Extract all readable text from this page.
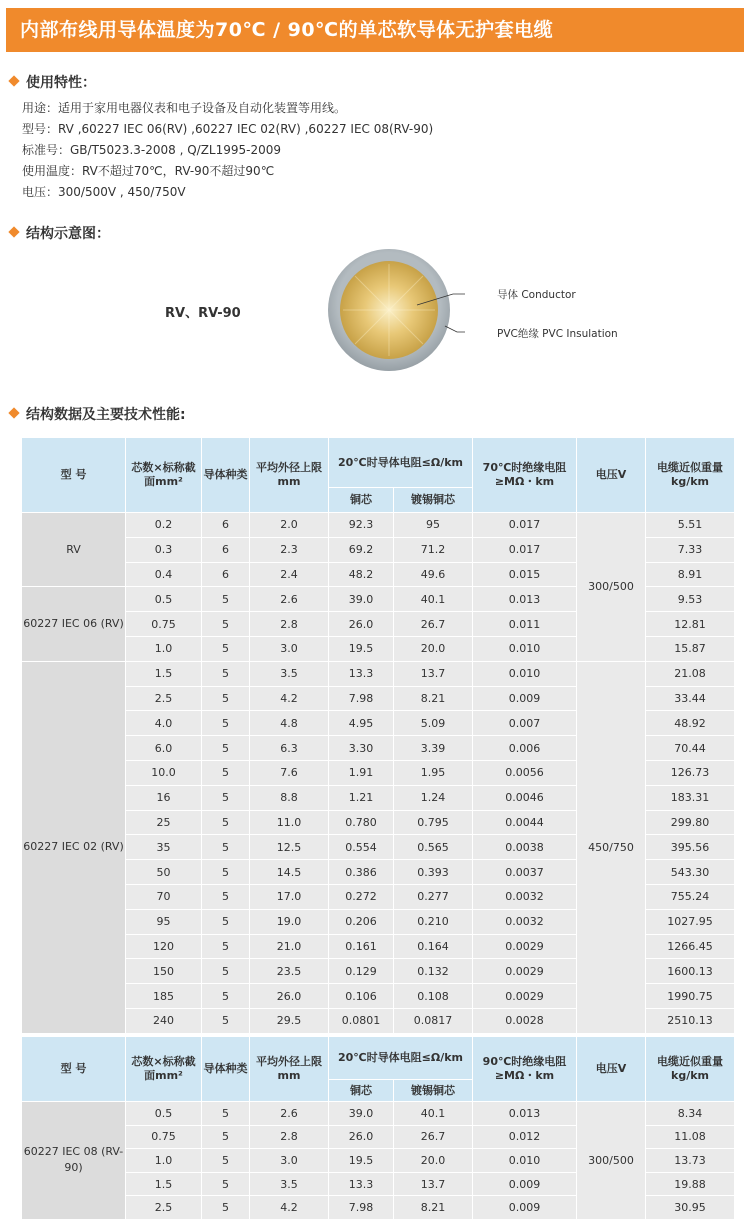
内部布线用导体温度为70℃ / 90℃的单芯软导体无护套电缆
使用特性：
用途：适用于家用电器仪表和电子设备及自动化装置等用线。
型号：RV ,60227 IEC 06(RV) ,60227 IEC 02(RV) ,60227 IEC 08(RV-90)
标准号：GB/T5023.3-2008 , Q/ZL1995-2009
使用温度：RV不超过70℃，RV-90不超过90℃
电压：300/500V , 450/750V
结构示意图：
RV、RV-90
导体 Conductor
PVC绝缘 PVC Insulation
结构数据及主要技术性能:
型 号	芯数×标称截面mm²	导体种类	平均外径上限mm	20℃时导体电阻≤Ω/km		70℃时绝缘电阻≥MΩ・km	电压V	电缆近似重量kg/km
				铜芯	镀锡铜芯			
RV	0.2	6	2.0	92.3	95	0.017	300/500	5.51
	0.3	6	2.3	69.2	71.2	0.017		7.33
	0.4	6	2.4	48.2	49.6	0.015		8.91
60227 IEC 06 (RV)	0.5	5	2.6	39.0	40.1	0.013		9.53
	0.75	5	2.8	26.0	26.7	0.011		12.81
	1.0	5	3.0	19.5	20.0	0.010		15.87
60227 IEC 02 (RV)	1.5	5	3.5	13.3	13.7	0.010	450/750	21.08
	2.5	5	4.2	7.98	8.21	0.009		33.44
	4.0	5	4.8	4.95	5.09	0.007		48.92
	6.0	5	6.3	3.30	3.39	0.006		70.44
	10.0	5	7.6	1.91	1.95	0.0056		126.73
	16	5	8.8	1.21	1.24	0.0046		183.31
	25	5	11.0	0.780	0.795	0.0044		299.80
	35	5	12.5	0.554	0.565	0.0038		395.56
	50	5	14.5	0.386	0.393	0.0037		543.30
	70	5	17.0	0.272	0.277	0.0032		755.24
	95	5	19.0	0.206	0.210	0.0032		1027.95
	120	5	21.0	0.161	0.164	0.0029		1266.45
	150	5	23.5	0.129	0.132	0.0029		1600.13
	185	5	26.0	0.106	0.108	0.0029		1990.75
	240	5	29.5	0.0801	0.0817	0.0028		2510.13
型 号	芯数×标称截面mm²	导体种类	平均外径上限mm	20℃时导体电阻≤Ω/km		90℃时绝缘电阻≥MΩ・km	电压V	电缆近似重量kg/km
				铜芯	镀锡铜芯			
60227 IEC 08 (RV-90)	0.5	5	2.6	39.0	40.1	0.013	300/500	8.34
	0.75	5	2.8	26.0	26.7	0.012		11.08
	1.0	5	3.0	19.5	20.0	0.010		13.73
	1.5	5	3.5	13.3	13.7	0.009		19.88
	2.5	5	4.2	7.98	8.21	0.009		30.95
